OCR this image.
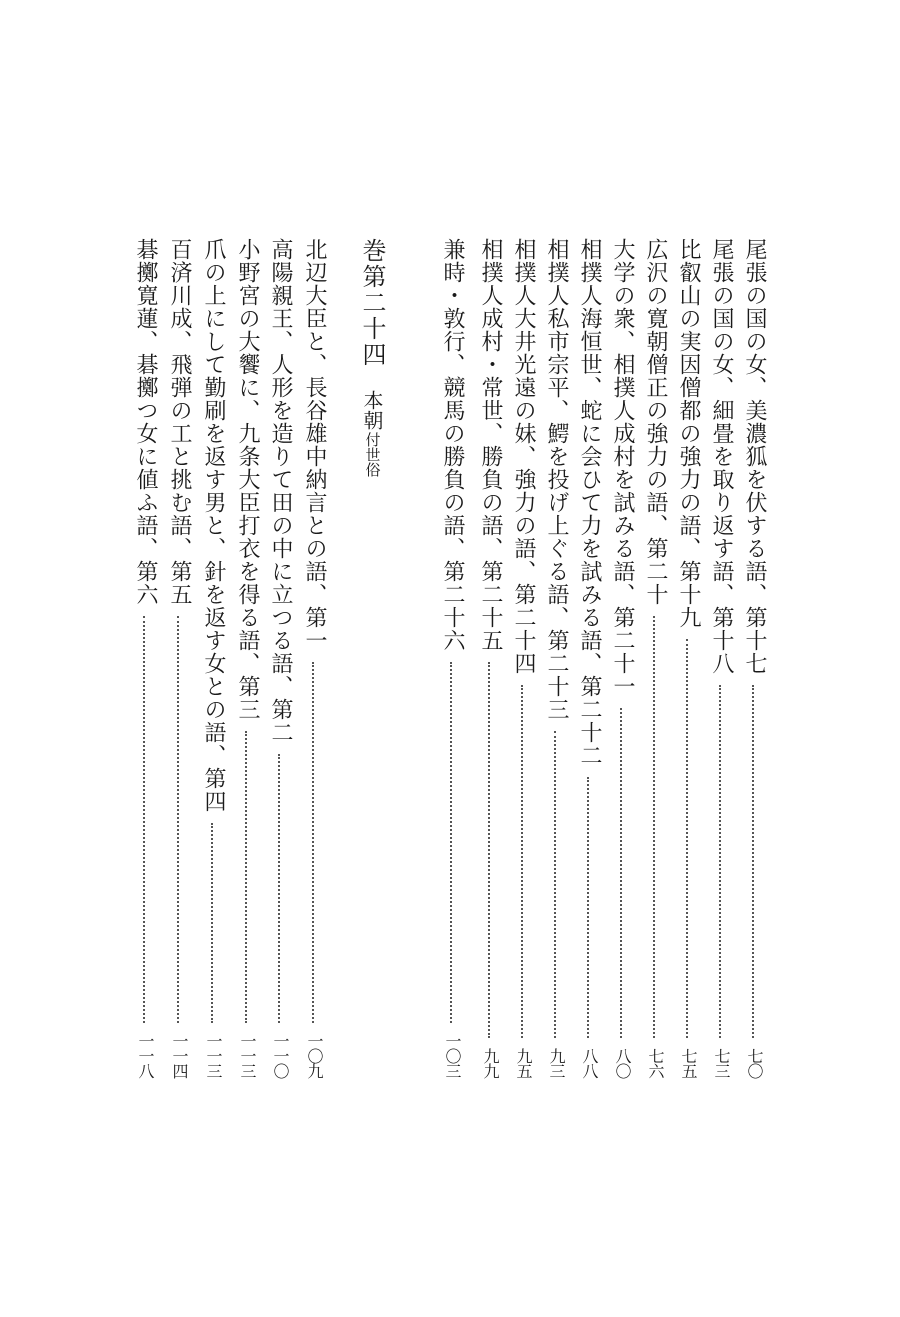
尾張の国の女、美濃狐を伏する語、第十七
七〇
尾張の国の女、細畳を取り返す語、第十八
七三
比叡山の実因僧都の強力の語、第十九
七五
広沢の寛朝僧正の強力の語、第二十
七六
大学の衆、相撲人成村を試みる語、第二十一
八〇
相撲人海恒世、蛇に会ひて力を試みる語、第二十二
八八
相撲人私市宗平、鰐を投げ上ぐる語、第二十三
九三
相撲人大井光遠の妹、強力の語、第二十四
九五
相撲人成村・常世、勝負の語、第二十五
九九
兼時・敦行、競馬の勝負の語、第二十六
一〇三
巻第二十四
本朝
付世俗
北辺大臣と、長谷雄中納言との語、第一
一〇九
高陽親王、人形を造りて田の中に立つる語、第二
一一〇
小野宮の大饗に、九条大臣打衣を得る語、第三
一一三
爪の上にして勤刷を返す男と、針を返す女との語、第四
一一三
百済川成、飛弾の工と挑む語、第五
一一四
碁擲寛蓮、碁擲つ女に値ふ語、第六
一一八
